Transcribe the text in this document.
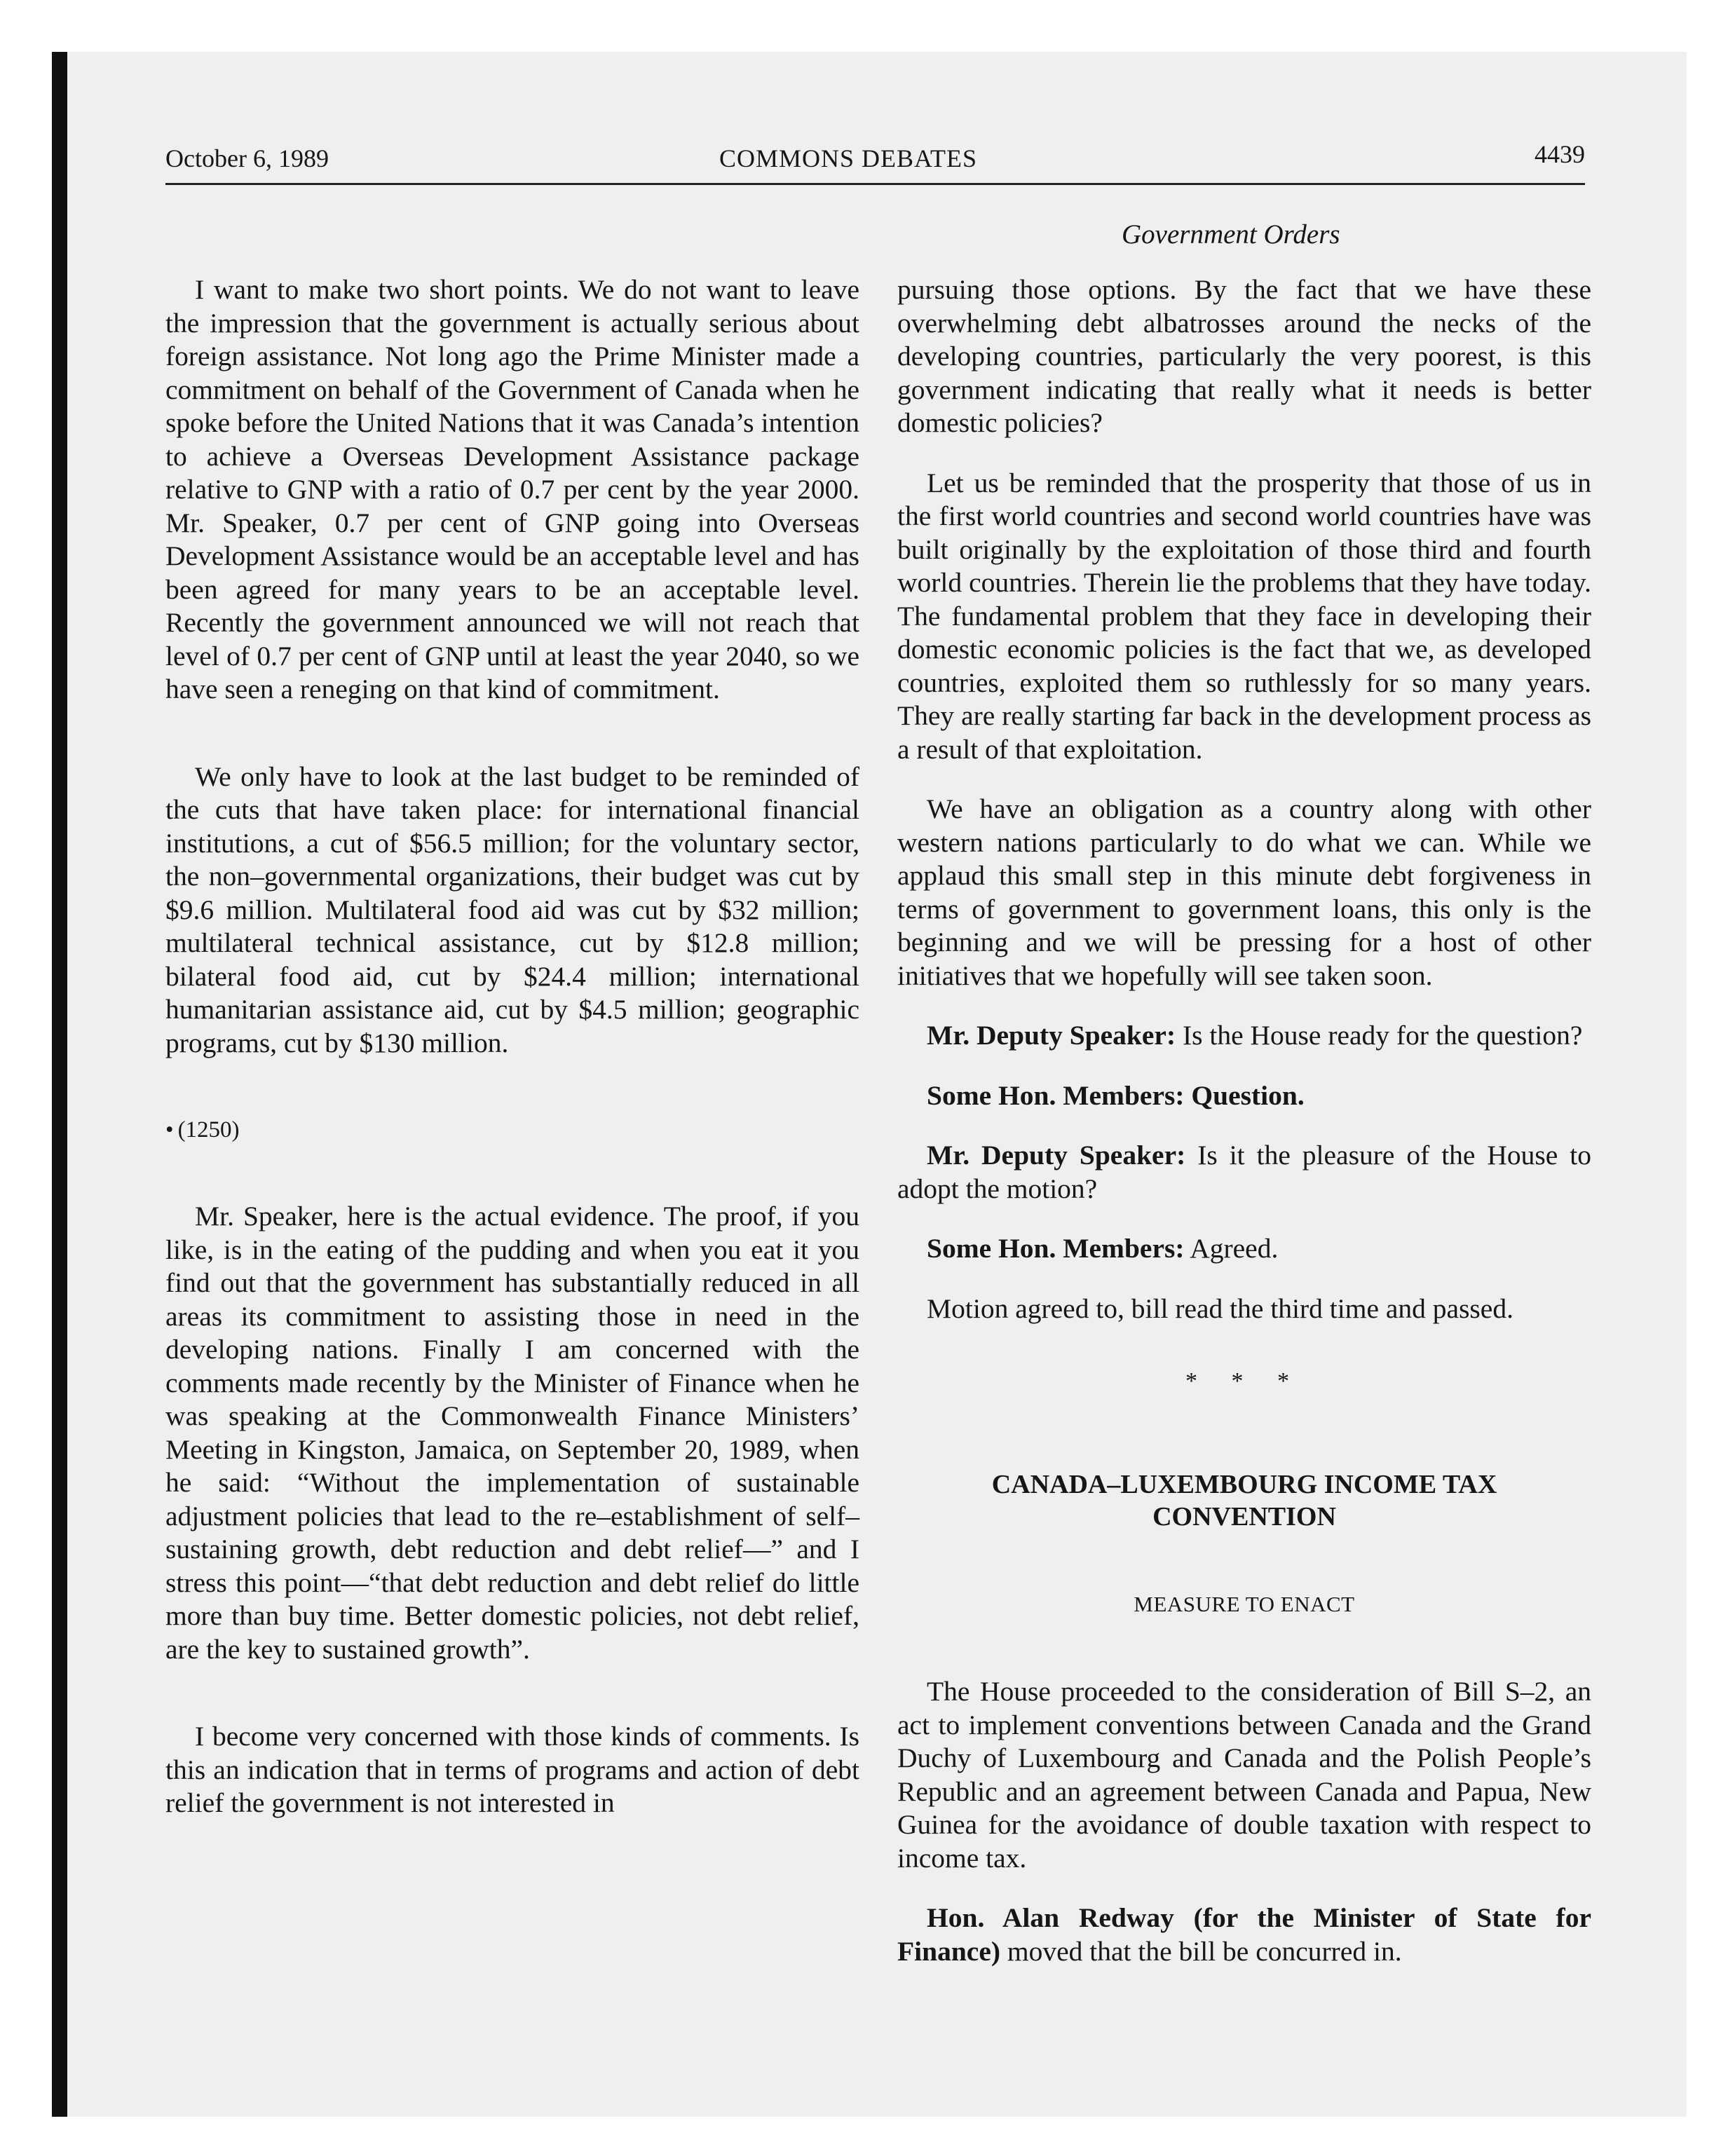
October 6, 1989	COMMONS DEBATES	4439
Government Orders

I want to make two short points. We do not want to leave the impression that the government is actually serious about foreign assistance. Not long ago the Prime Minister made a commitment on behalf of the Government of Canada when he spoke before the United Nations that it was Canada’s intention to achieve a Overseas Development Assistance package relative to GNP with a ratio of 0.7 per cent by the year 2000. Mr. Speaker, 0.7 per cent of GNP going into Overseas Development Assistance would be an acceptable level and has been agreed for many years to be an acceptable level. Recently the government announced we will not reach that level of 0.7 per cent of GNP until at least the year 2040, so we have seen a reneging on that kind of commitment.

We only have to look at the last budget to be reminded of the cuts that have taken place: for international financial institutions, a cut of $56.5 million; for the voluntary sector, the non–governmental organizations, their budget was cut by $9.6 million. Multilateral food aid was cut by $32 million; multilateral technical assistance, cut by $12.8 million; bilateral food aid, cut by $24.4 million; international humanitarian assistance aid, cut by $4.5 million; geographic programs, cut by $130 million.

• (1250)

Mr. Speaker, here is the actual evidence. The proof, if you like, is in the eating of the pudding and when you eat it you find out that the government has substantially reduced in all areas its commitment to assisting those in need in the developing nations. Finally I am concerned with the comments made recently by the Minister of Finance when he was speaking at the Commonwealth Finance Ministers’ Meeting in Kingston, Jamaica, on September 20, 1989, when he said: “Without the implementation of sustainable adjustment policies that lead to the re–establishment of self–sustaining growth, debt reduction and debt relief—” and I stress this point—“that debt reduction and debt relief do little more than buy time. Better domestic policies, not debt relief, are the key to sustained growth”.

I become very concerned with those kinds of comments. Is this an indication that in terms of programs and action of debt relief the government is not interested in

pursuing those options. By the fact that we have these overwhelming debt albatrosses around the necks of the developing countries, particularly the very poorest, is this government indicating that really what it needs is better domestic policies?

Let us be reminded that the prosperity that those of us in the first world countries and second world countries have was built originally by the exploitation of those third and fourth world countries. Therein lie the problems that they have today. The fundamental problem that they face in developing their domestic economic policies is the fact that we, as developed countries, exploited them so ruthlessly for so many years. They are really starting far back in the development process as a result of that exploitation.

We have an obligation as a country along with other western nations particularly to do what we can. While we applaud this small step in this minute debt forgiveness in terms of government to government loans, this only is the beginning and we will be pressing for a host of other initiatives that we hopefully will see taken soon.

Mr. Deputy Speaker: Is the House ready for the question?

Some Hon. Members: Question.

Mr. Deputy Speaker: Is it the pleasure of the House to adopt the motion?

Some Hon. Members: Agreed.

Motion agreed to, bill read the third time and passed.

* * *
CANADA–LUXEMBOURG INCOME TAX CONVENTION
MEASURE TO ENACT

The House proceeded to the consideration of Bill S–2, an act to implement conventions between Canada and the Grand Duchy of Luxembourg and Canada and the Polish People’s Republic and an agreement between Canada and Papua, New Guinea for the avoidance of double taxation with respect to income tax.

Hon. Alan Redway (for the Minister of State for Finance) moved that the bill be concurred in.
